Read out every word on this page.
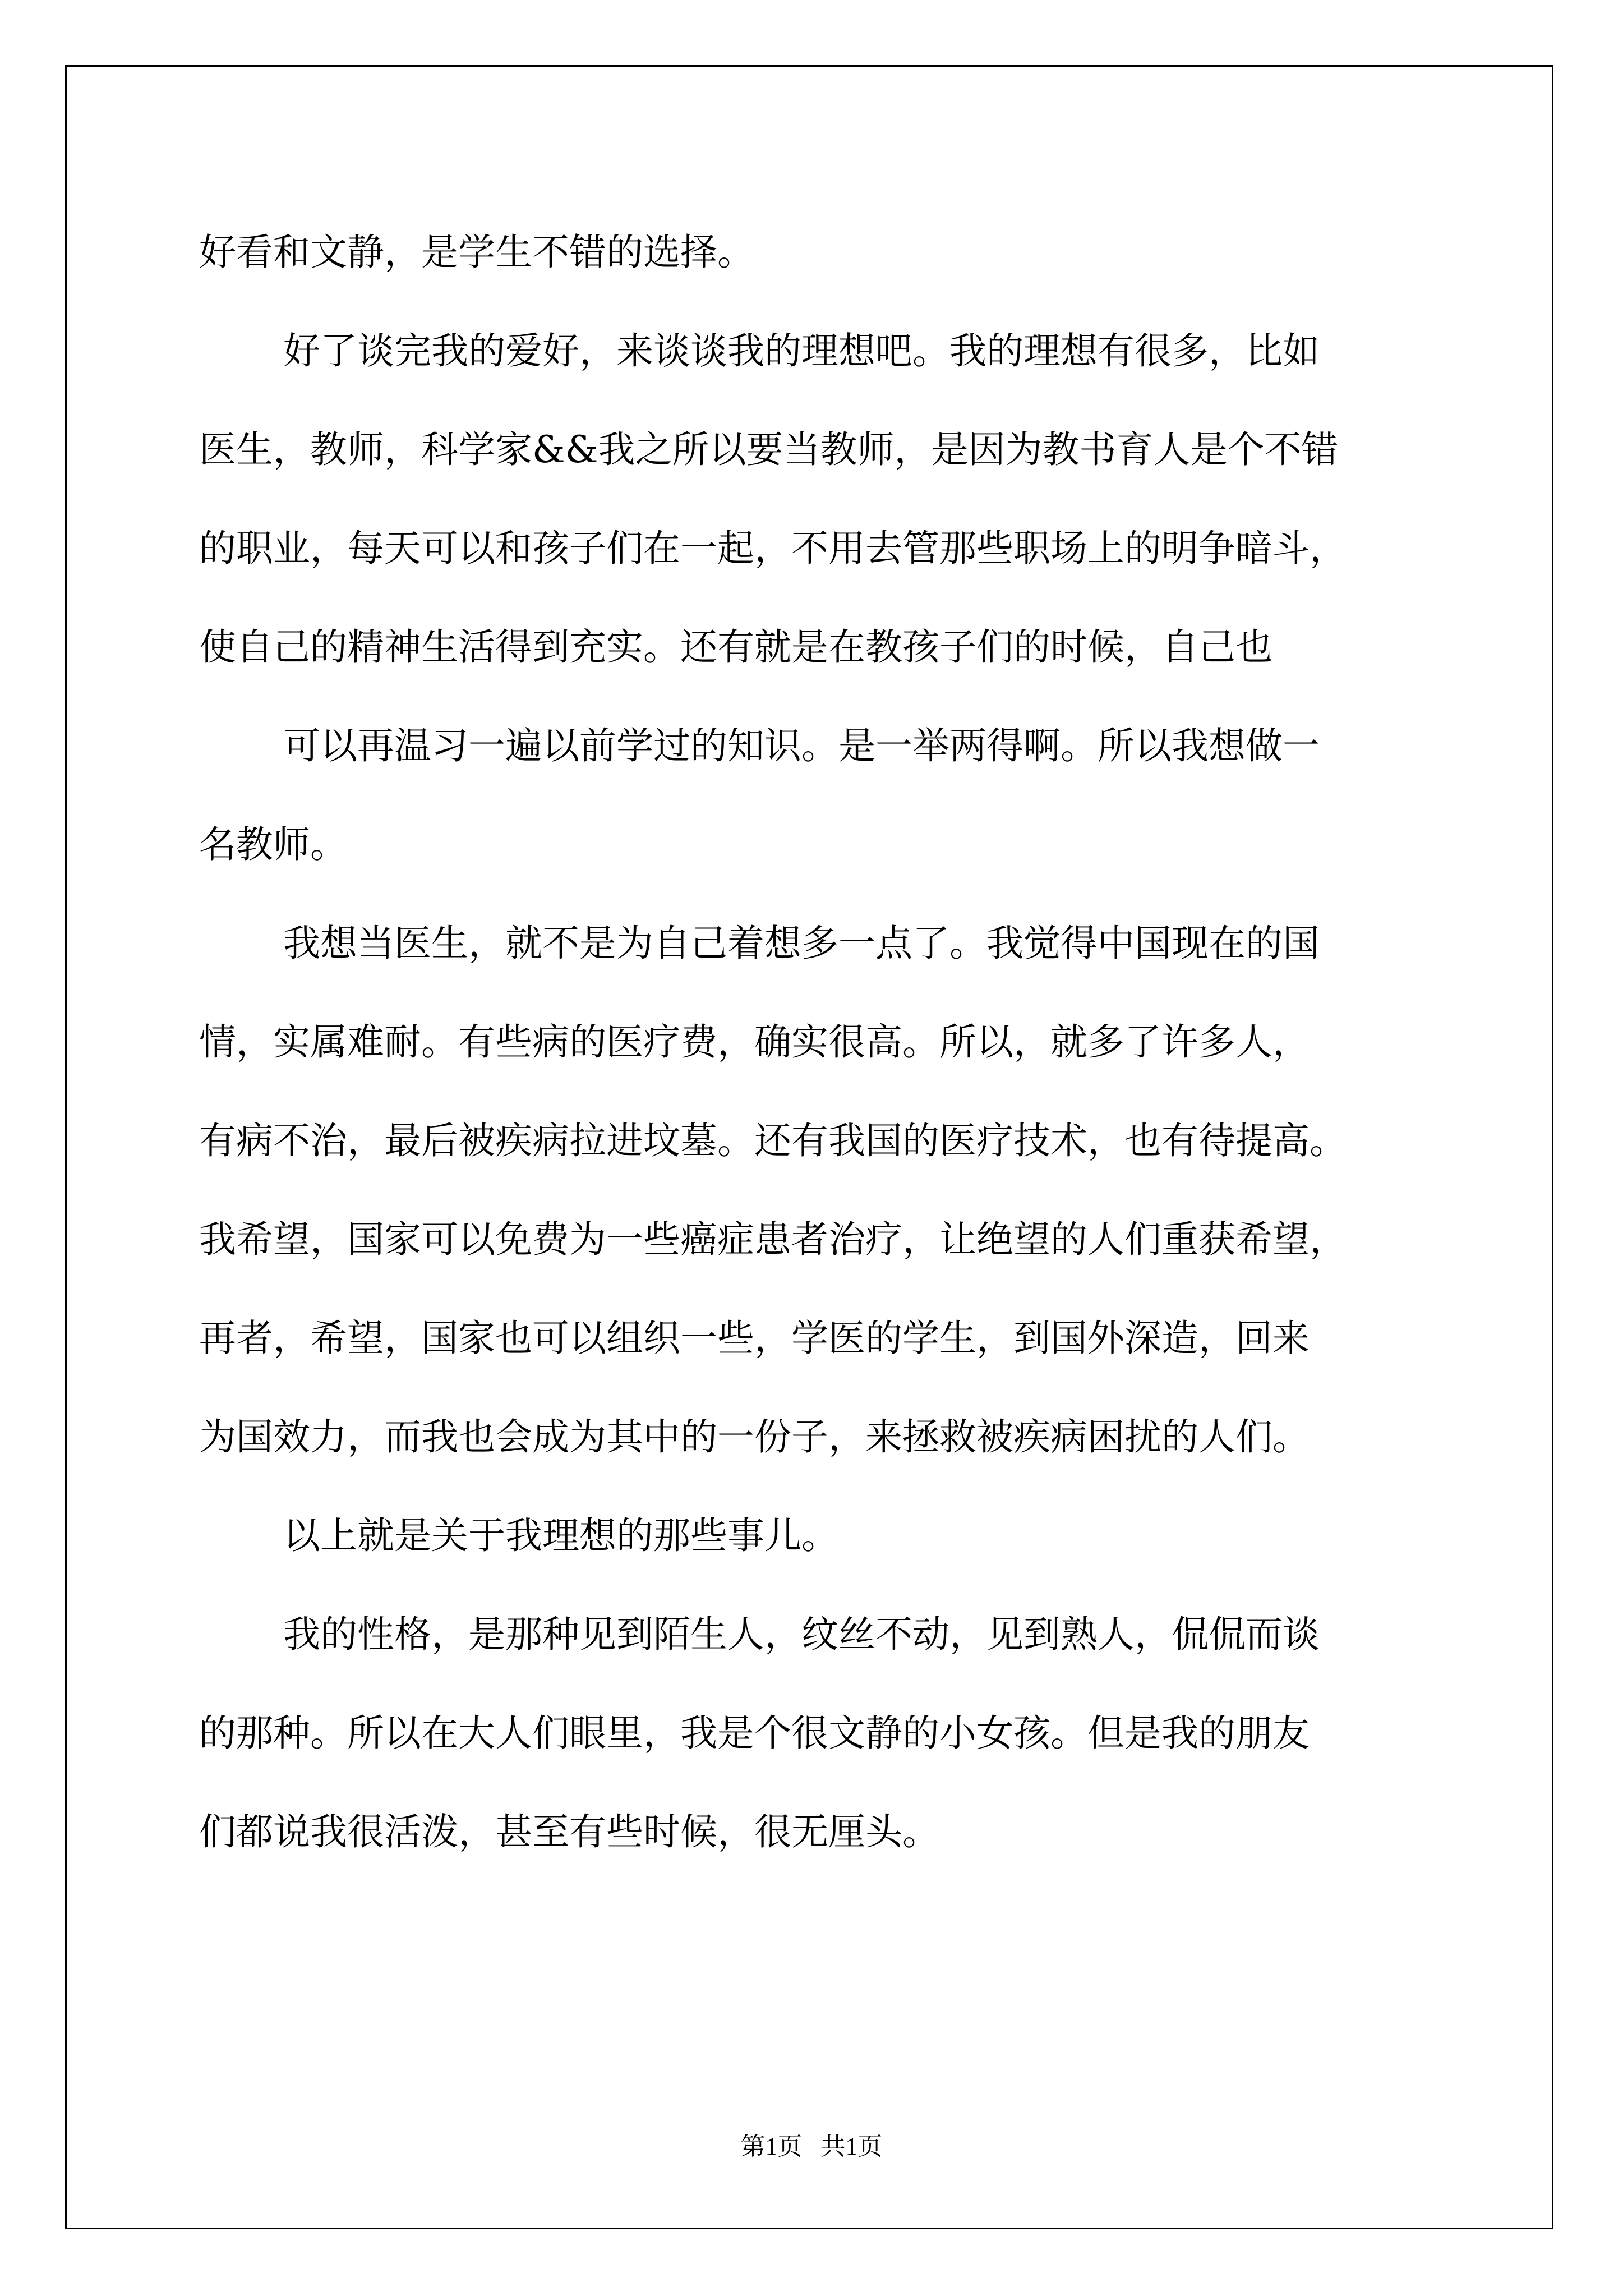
好看和文静，是学生不错的选择。
好了谈完我的爱好，来谈谈我的理想吧。我的理想有很多，比如
医生，教师，科学家&&我之所以要当教师，是因为教书育人是个不错
的职业，每天可以和孩子们在一起，不用去管那些职场上的明争暗斗，
使自己的精神生活得到充实。还有就是在教孩子们的时候，自己也
可以再温习一遍以前学过的知识。是一举两得啊。所以我想做一
名教师。
我想当医生，就不是为自己着想多一点了。我觉得中国现在的国
情，实属难耐。有些病的医疗费，确实很高。所以，就多了许多人，
有病不治，最后被疾病拉进坟墓。还有我国的医疗技术，也有待提高。
我希望，国家可以免费为一些癌症患者治疗，让绝望的人们重获希望，
再者，希望，国家也可以组织一些，学医的学生，到国外深造，回来
为国效力，而我也会成为其中的一份子，来拯救被疾病困扰的人们。
以上就是关于我理想的那些事儿。
我的性格，是那种见到陌生人，纹丝不动，见到熟人，侃侃而谈
的那种。所以在大人们眼里，我是个很文静的小女孩。但是我的朋友
们都说我很活泼，甚至有些时候，很无厘头。
第1页   共1页
